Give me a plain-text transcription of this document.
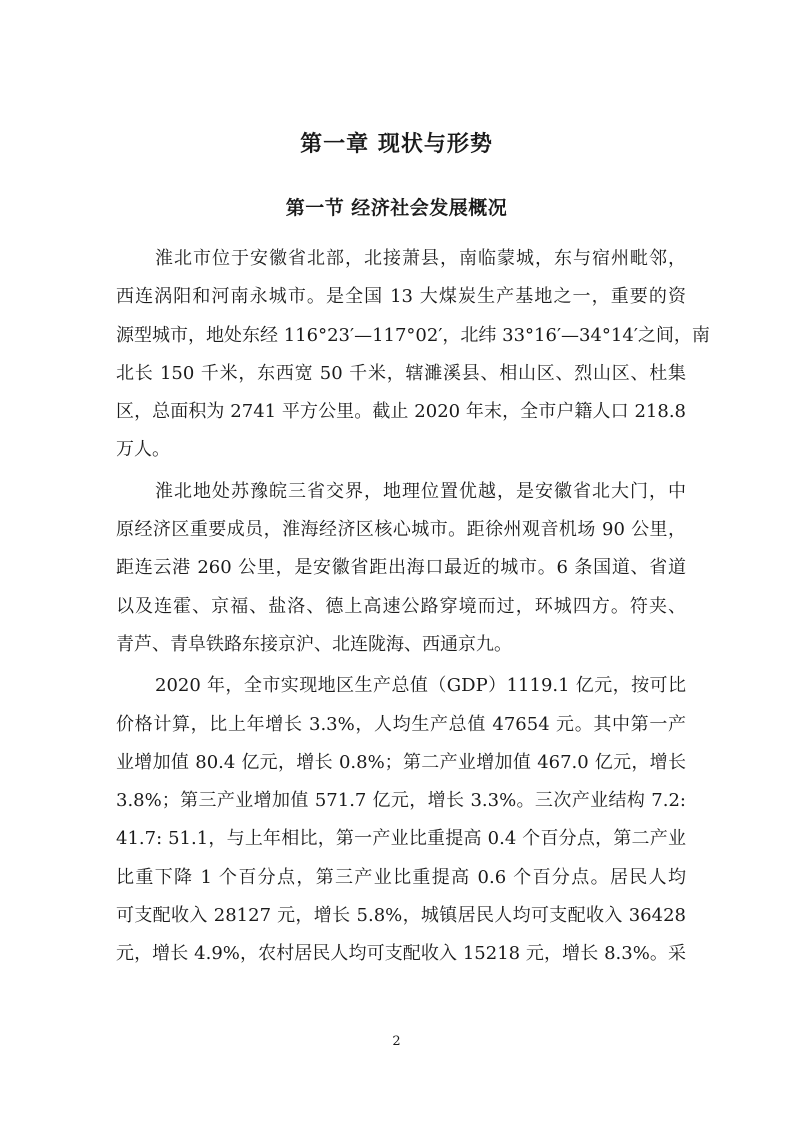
第一章 现状与形势
第一节 经济社会发展概况
淮北市位于安徽省北部，北接萧县，南临蒙城，东与宿州毗邻，
西连涡阳和河南永城市。是全国 13 大煤炭生产基地之一，重要的资
源型城市，地处东经 116°23′—117°02′，北纬 33°16′—34°14′之间，南
北长 150 千米，东西宽 50 千米，辖濉溪县、相山区、烈山区、杜集
区，总面积为 2741 平方公里。截止 2020 年末，全市户籍人口 218.8
万人。
淮北地处苏豫皖三省交界，地理位置优越，是安徽省北大门，中
原经济区重要成员，淮海经济区核心城市。距徐州观音机场 90 公里，
距连云港 260 公里，是安徽省距出海口最近的城市。6 条国道、省道
以及连霍、京福、盐洛、德上高速公路穿境而过，环城四方。符夹、
青芦、青阜铁路东接京沪、北连陇海、西通京九。
2020 年，全市实现地区生产总值（GDP）1119.1 亿元，按可比
价格计算，比上年增长 3.3%，人均生产总值 47654 元。其中第一产
业增加值 80.4 亿元，增长 0.8%；第二产业增加值 467.0 亿元，增长
3.8%；第三产业增加值 571.7 亿元，增长 3.3%。三次产业结构 7.2:
41.7: 51.1，与上年相比，第一产业比重提高 0.4 个百分点，第二产业
比重下降 1 个百分点，第三产业比重提高 0.6 个百分点。居民人均
可支配收入 28127 元，增长 5.8%，城镇居民人均可支配收入 36428
元，增长 4.9%，农村居民人均可支配收入 15218 元，增长 8.3%。采
2
